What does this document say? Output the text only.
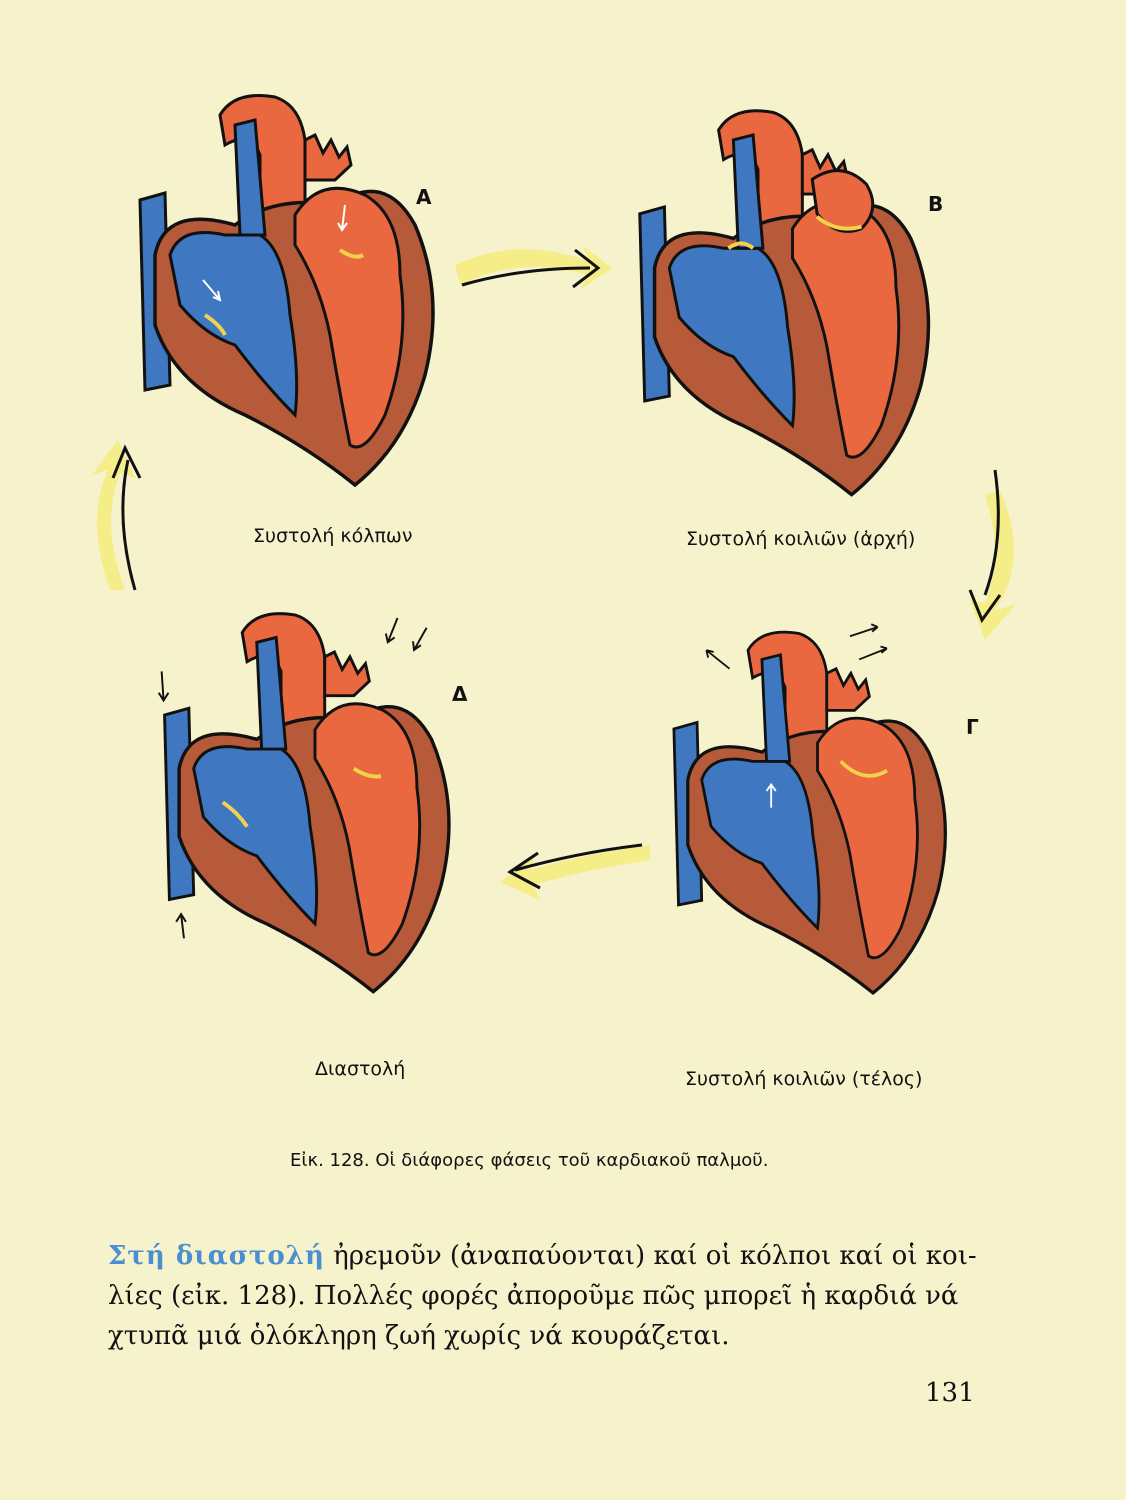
Α
Συστολή κόλπων
Β
Συστολή κοιλιῶν (ἀρχή)
Γ
Συστολή κοιλιῶν (τέλος)
Δ
Διαστολή
Εἰκ. 128. Οἱ διάφορες φάσεις τοῦ καρδιακοῦ παλμοῦ.
Στή διαστολή ἠρεμοῦν (ἀναπαύονται) καί οἱ κόλποι καί οἱ κοι-
λίες (εἰκ. 128). Πολλές φορές ἀποροῦμε πῶς μπορεῖ ἡ καρδιά νά
χτυπᾶ μιά ὁλόκληρη ζωή χωρίς νά κουράζεται.
131
